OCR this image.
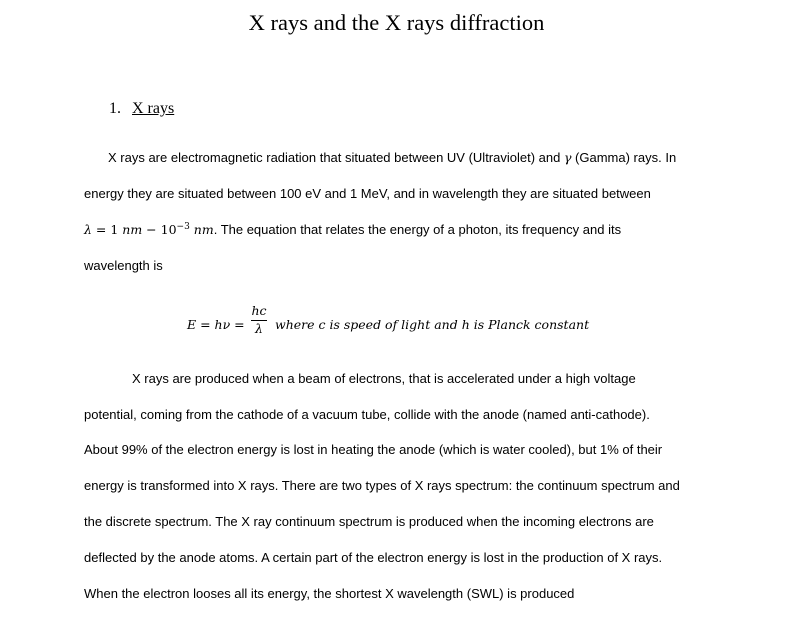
X rays and the X rays diffraction
1. X rays
X rays are electromagnetic radiation that situated between UV (Ultraviolet) and γ (Gamma) rays. In
energy they are situated between 100 eV and 1 MeV, and in wavelength they are situated between
λ = 1 nm − $10^{-3}$ nm. The equation that relates the energy of a photon, its frequency and its
wavelength is
$E = h\nu = \frac{hc}{\lambda}$ where c is speed of light and h is Planck constant
X rays are produced when a beam of electrons, that is accelerated under a high voltage
potential, coming from the cathode of a vacuum tube, collide with the anode (named anti-cathode).
About 99% of the electron energy is lost in heating the anode (which is water cooled), but 1% of their
energy is transformed into X rays. There are two types of X rays spectrum: the continuum spectrum and
the discrete spectrum. The X ray continuum spectrum is produced when the incoming electrons are
deflected by the anode atoms. A certain part of the electron energy is lost in the production of X rays.
When the electron looses all its energy, the shortest X wavelength (SWL) is produced
